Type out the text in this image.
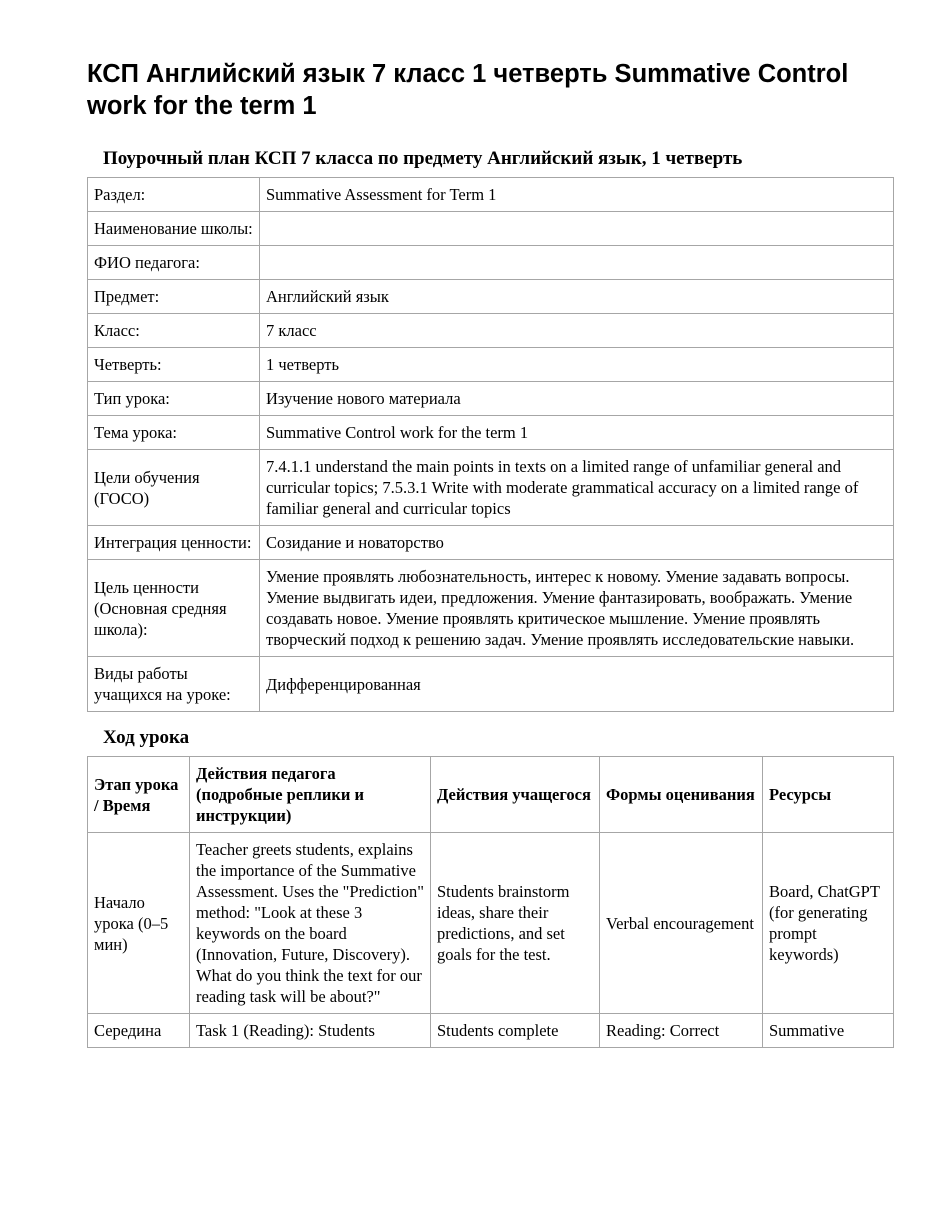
КСП Английский язык 7 класс 1 четверть Summative Control work for the term 1
Поурочный план КСП 7 класса по предмету Английский язык, 1 четверть
Раздел:	Summative Assessment for Term 1
Наименование школы:	
ФИО педагога:	
Предмет:	Английский язык
Класс:	7 класс
Четверть:	1 четверть
Тип урока:	Изучение нового материала
Тема урока:	Summative Control work for the term 1
Цели обучения (ГОСО)	7.4.1.1 understand the main points in texts on a limited range of unfamiliar general and curricular topics; 7.5.3.1 Write with moderate grammatical accuracy on a limited range of familiar general and curricular topics
Интеграция ценности:	Созидание и новаторство
Цель ценности (Основная средняя школа):	Умение проявлять любознательность, интерес к новому. Умение задавать вопросы. Умение выдвигать идеи, предложения. Умение фантазировать, воображать. Умение создавать новое. Умение проявлять критическое мышление. Умение проявлять творческий подход к решению задач. Умение проявлять исследовательские навыки.
Виды работы учащихся на уроке:	Дифференцированная
Ход урока
Этап урока / Время	Действия педагога (подробные реплики и инструкции)	Действия учащегося	Формы оценивания	Ресурсы
Начало урока (0–5 мин)	Teacher greets students, explains the importance of the Summative Assessment. Uses the "Prediction" method: "Look at these 3 keywords on the board (Innovation, Future, Discovery). What do you think the text for our reading task will be about?"	Students brainstorm ideas, share their predictions, and set goals for the test.	Verbal encouragement	Board, ChatGPT (for generating prompt keywords)
Середина	Task 1 (Reading): Students	Students complete	Reading: Correct	Summative
